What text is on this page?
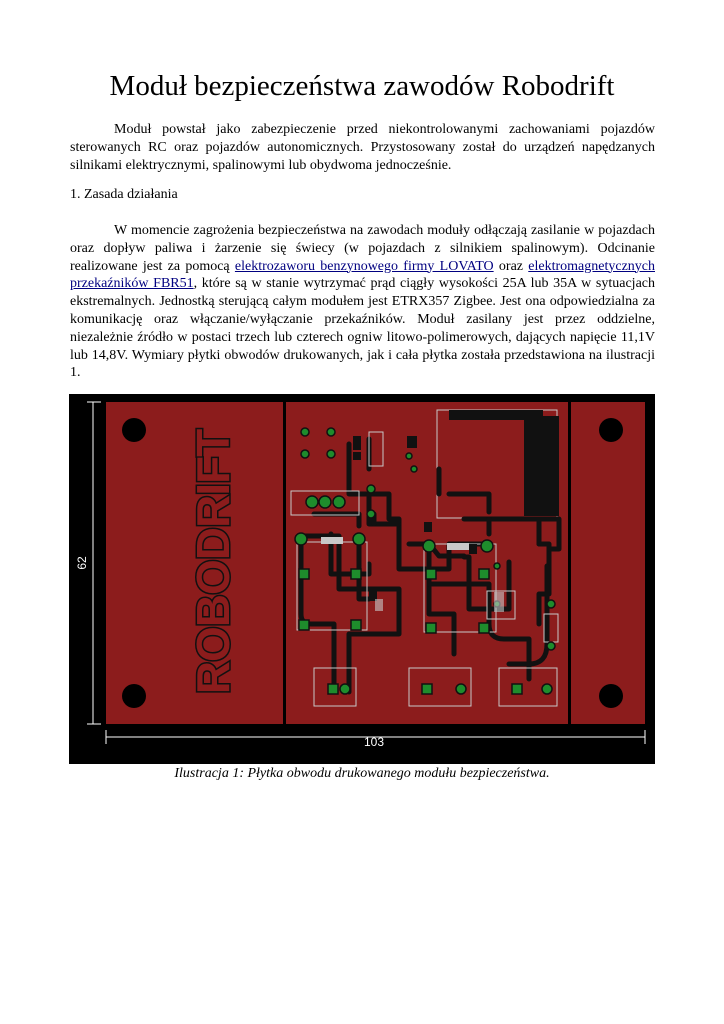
Moduł bezpieczeństwa zawodów Robodrift

Moduł powstał jako zabezpieczenie przed niekontrolowanymi zachowaniami pojazdów sterowanych RC oraz pojazdów autonomicznych. Przystosowany został do urządzeń napędzanych silnikami elektrycznymi, spalinowymi lub obydwoma jednocześnie.

1. Zasada działania

W momencie zagrożenia bezpieczeństwa na zawodach moduły odłączają zasilanie w pojazdach oraz dopływ paliwa i żarzenie się świecy (w pojazdach z silnikiem spalinowym). Odcinanie realizowane jest za pomocą elektrozaworu benzynowego firmy LOVATO oraz elektromagnetycznych przekaźników FBR51, które są w stanie wytrzymać prąd ciągły wysokości 25A lub 35A w sytuacjach ekstremalnych. Jednostką sterującą całym modułem jest ETRX357 Zigbee. Jest ona odpowiedzialna za komunikację oraz włączanie/wyłączanie przekaźników. Moduł zasilany jest przez oddzielne, niezależnie źródło w postaci trzech lub czterech ogniw litowo-polimerowych, dających napięcie 11,1V lub 14,8V. Wymiary płytki obwodów drukowanych, jak i cała płytka została przedstawiona na ilustracji 1.

ROBODRIFT
62
103
Ilustracja 1: Płytka obwodu drukowanego modułu bezpieczeństwa.
